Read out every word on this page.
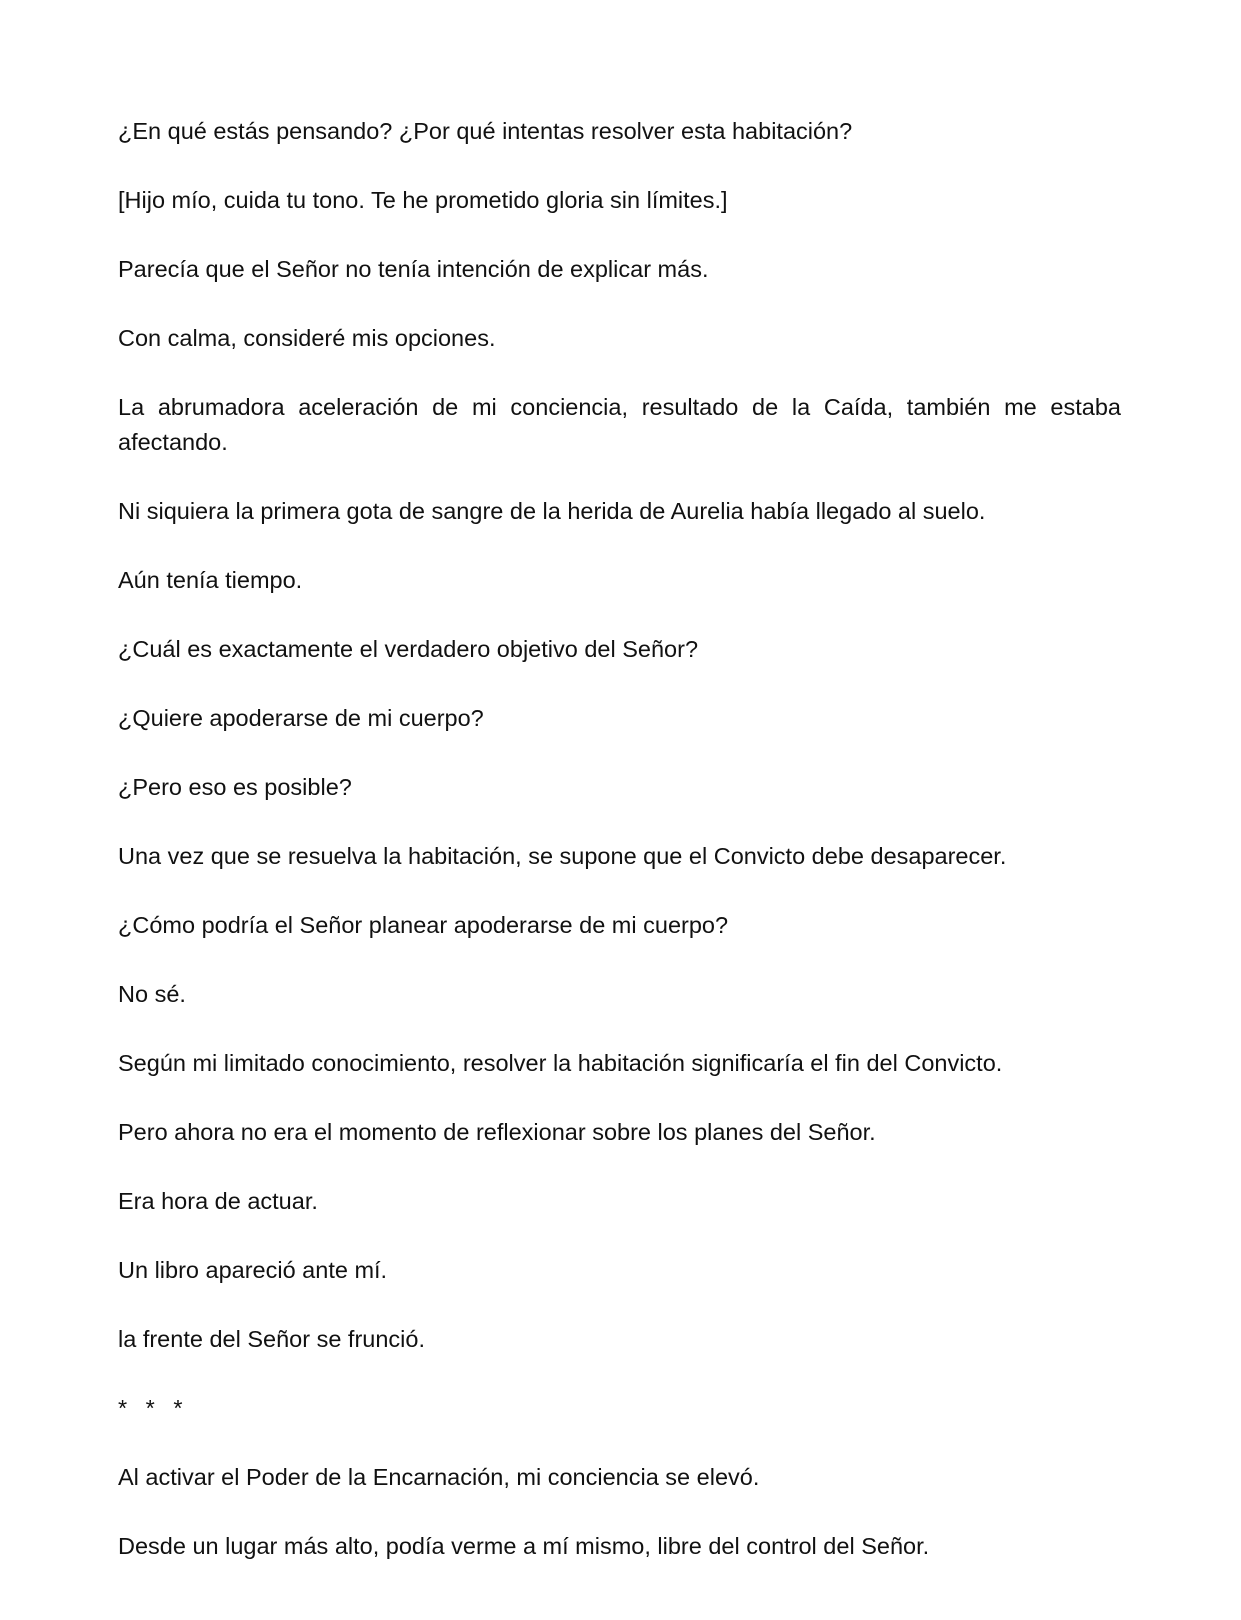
¿En qué estás pensando? ¿Por qué intentas resolver esta habitación?

[Hijo mío, cuida tu tono. Te he prometido gloria sin límites.]

Parecía que el Señor no tenía intención de explicar más.

Con calma, consideré mis opciones.

La abrumadora aceleración de mi conciencia, resultado de la Caída, también me estaba afectando.

Ni siquiera la primera gota de sangre de la herida de Aurelia había llegado al suelo.

Aún tenía tiempo.

¿Cuál es exactamente el verdadero objetivo del Señor?

¿Quiere apoderarse de mi cuerpo?

¿Pero eso es posible?

Una vez que se resuelva la habitación, se supone que el Convicto debe desaparecer.

¿Cómo podría el Señor planear apoderarse de mi cuerpo?

No sé.

Según mi limitado conocimiento, resolver la habitación significaría el fin del Convicto.

Pero ahora no era el momento de reflexionar sobre los planes del Señor.

Era hora de actuar.

Un libro apareció ante mí.

la frente del Señor se frunció.

* * *

Al activar el Poder de la Encarnación, mi conciencia se elevó.

Desde un lugar más alto, podía verme a mí mismo, libre del control del Señor.
